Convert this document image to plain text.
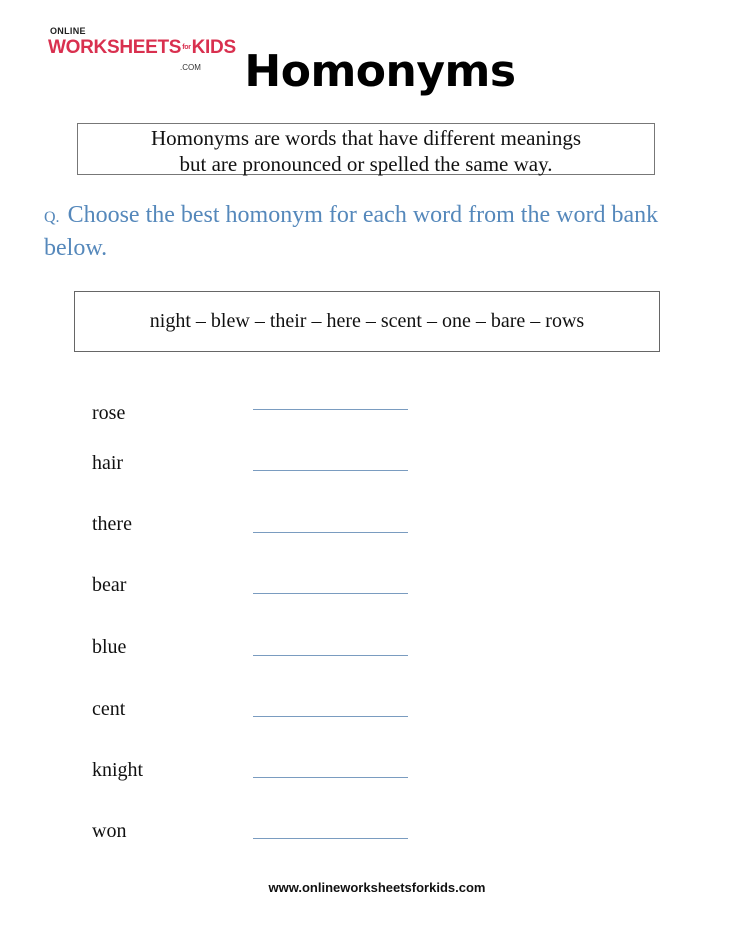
ONLINE
WORKSHEETSforKIDS
.COM Homonyms
Homonyms are words that have different meanings
but are pronounced or spelled the same way.
Q. Choose the best homonym for each word from the word bank below.
night – blew – their – here – scent – one – bare – rows
rose
hair
there
bear
blue
cent
knight
won
www.onlineworksheetsforkids.com
